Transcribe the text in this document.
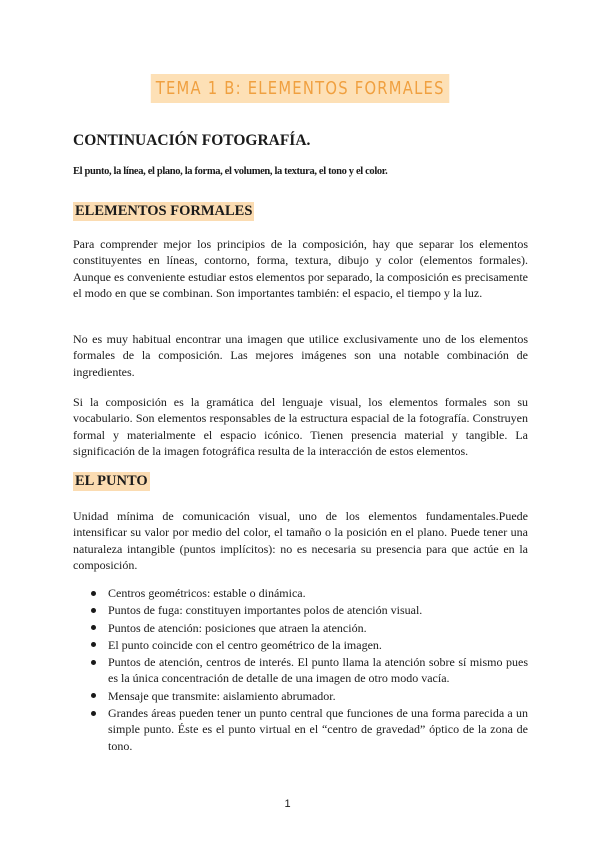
TEMA 1 B: ELEMENTOS FORMALES
CONTINUACIÓN FOTOGRAFÍA.
El punto, la línea, el plano, la forma, el volumen, la textura, el tono y el color.
ELEMENTOS FORMALES

Para comprender mejor los principios de la composición, hay que separar los elementos constituyentes en líneas, contorno, forma, textura, dibujo y color (elementos formales). Aunque es conveniente estudiar estos elementos por separado, la composición es precisamente el modo en que se combinan. Son importantes también: el espacio, el tiempo y la luz.

No es muy habitual encontrar una imagen que utilice exclusivamente uno de los elementos formales de la composición. Las mejores imágenes son una notable combinación de ingredientes.

Si la composición es la gramática del lenguaje visual, los elementos formales son su vocabulario. Son elementos responsables de la estructura espacial de la fotografía. Construyen formal y materialmente el espacio icónico. Tienen presencia material y tangible. La significación de la imagen fotográfica resulta de la interacción de estos elementos.

EL PUNTO

Unidad mínima de comunicación visual, uno de los elementos fundamentales.Puede intensificar su valor por medio del color, el tamaño o la posición en el plano. Puede tener una naturaleza intangible (puntos implícitos): no es necesaria su presencia para que actúe en la composición.

Centros geométricos: estable o dinámica.
Puntos de fuga: constituyen importantes polos de atención visual.
Puntos de atención: posiciones que atraen la atención.
El punto coincide con el centro geométrico de la imagen.
Puntos de atención, centros de interés. El punto llama la atención sobre sí mismo pues es la única concentración de detalle de una imagen de otro modo vacía.
Mensaje que transmite: aislamiento abrumador.
Grandes áreas pueden tener un punto central que funciones de una forma parecida a un simple punto. Éste es el punto virtual en el “centro de gravedad” óptico de la zona de tono.
1
